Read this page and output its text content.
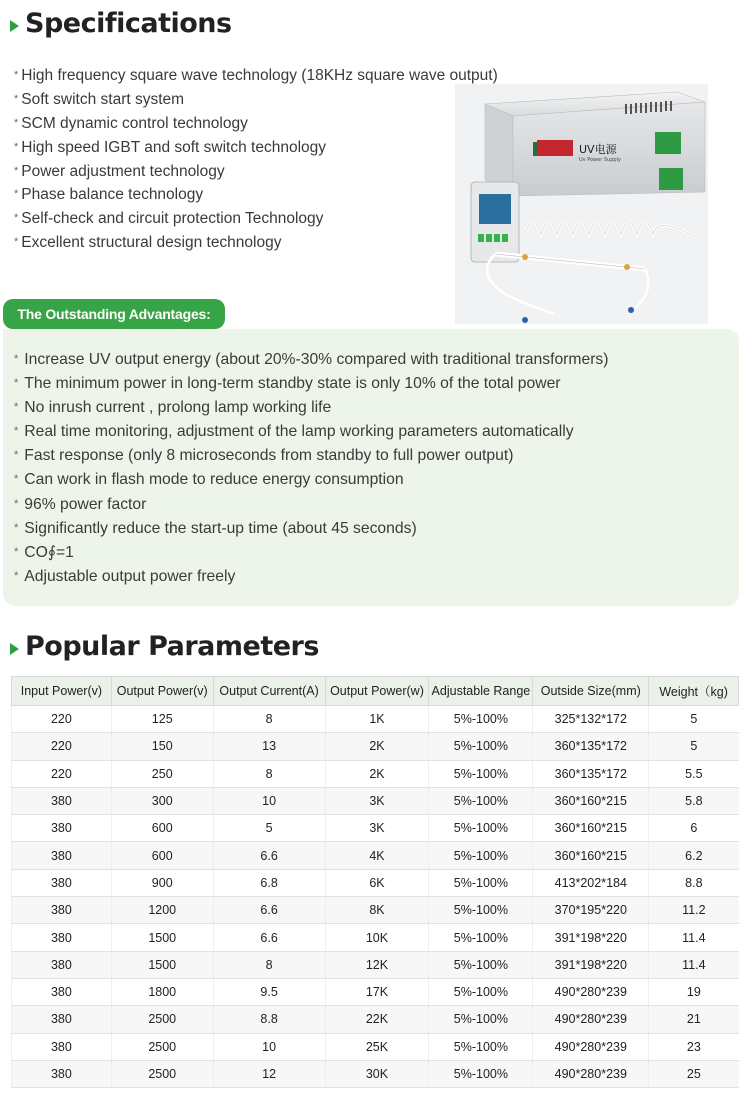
Specifications
* High frequency square wave technology (18KHz square wave output)
* Soft switch start system
* SCM dynamic control technology
* High speed IGBT and soft switch technology
* Power adjustment technology
* Phase balance technology
* Self-check and circuit protection Technology
* Excellent structural design technology
UV电源
Uv Power Supply
The Outstanding Advantages:
* Increase UV output energy (about 20%-30% compared with traditional transformers)
* The minimum power in long-term standby state is only 10% of the total power
* No inrush current , prolong lamp working life
* Real time monitoring, adjustment of the lamp working parameters automatically
* Fast response (only 8 microseconds from standby to full power output)
* Can work in flash mode to reduce energy consumption
* 96% power factor
* Significantly reduce the start-up time (about 45 seconds)
* CO∮=1
* Adjustable output power freely
Popular Parameters
Input Power(v)	Output Power(v)	Output Current(A)	Output Power(w)	Adjustable Range	Outside Size(mm)	Weight（kg)
220	125	8	1K	5%-100%	325*132*172	5
220	150	13	2K	5%-100%	360*135*172	5
220	250	8	2K	5%-100%	360*135*172	5.5
380	300	10	3K	5%-100%	360*160*215	5.8
380	600	5	3K	5%-100%	360*160*215	6
380	600	6.6	4K	5%-100%	360*160*215	6.2
380	900	6.8	6K	5%-100%	413*202*184	8.8
380	1200	6.6	8K	5%-100%	370*195*220	11.2
380	1500	6.6	10K	5%-100%	391*198*220	11.4
380	1500	8	12K	5%-100%	391*198*220	11.4
380	1800	9.5	17K	5%-100%	490*280*239	19
380	2500	8.8	22K	5%-100%	490*280*239	21
380	2500	10	25K	5%-100%	490*280*239	23
380	2500	12	30K	5%-100%	490*280*239	25
